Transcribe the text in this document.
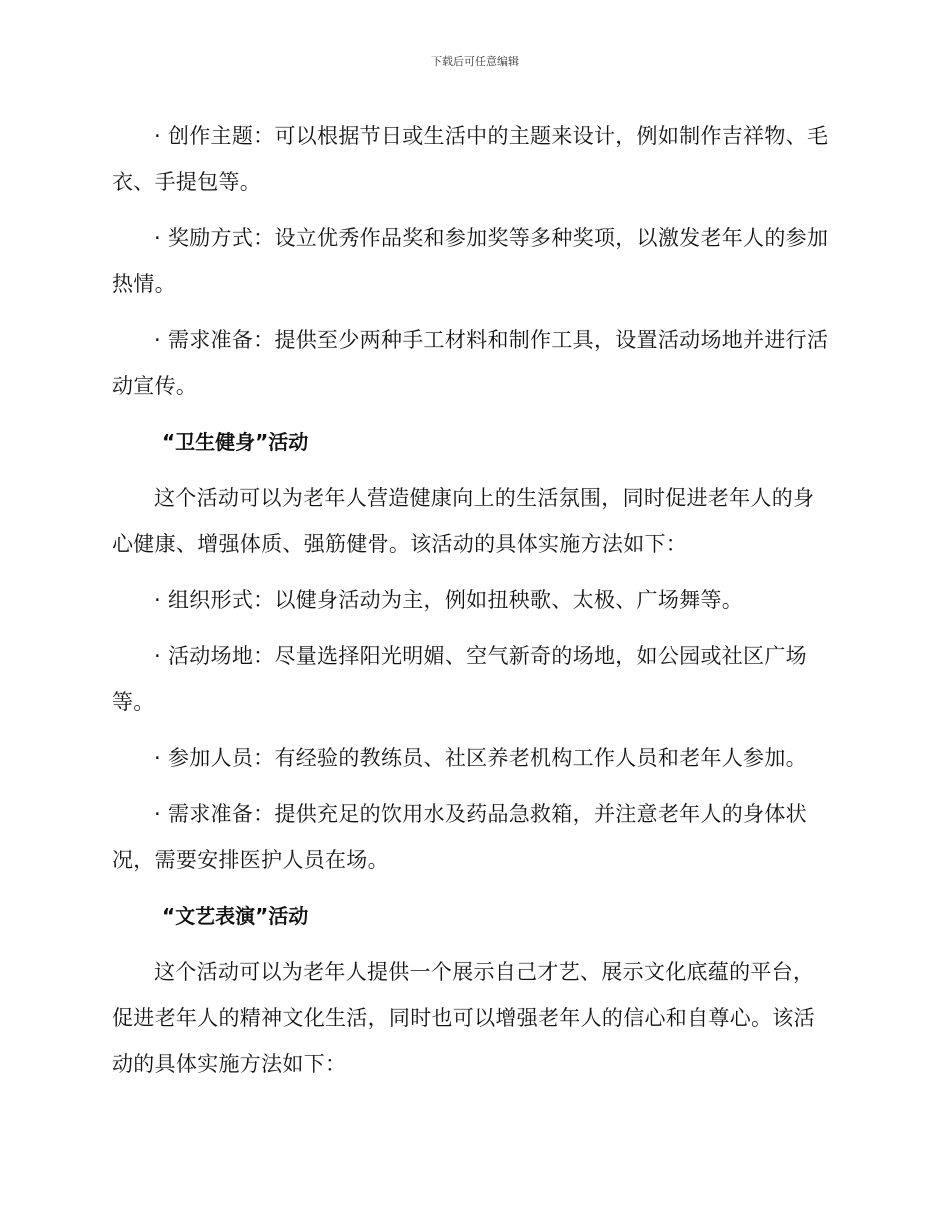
下载后可任意编辑

· 创作主题：可以根据节日或生活中的主题来设计，例如制作吉祥物、毛衣、手提包等。

· 奖励方式：设立优秀作品奖和参加奖等多种奖项，以激发老年人的参加热情。

· 需求准备：提供至少两种手工材料和制作工具，设置活动场地并进行活动宣传。

“卫生健身”活动

这个活动可以为老年人营造健康向上的生活氛围，同时促进老年人的身心健康、增强体质、强筋健骨。该活动的具体实施方法如下：

· 组织形式：以健身活动为主，例如扭秧歌、太极、广场舞等。

· 活动场地：尽量选择阳光明媚、空气新奇的场地，如公园或社区广场等。

· 参加人员：有经验的教练员、社区养老机构工作人员和老年人参加。

· 需求准备：提供充足的饮用水及药品急救箱，并注意老年人的身体状况，需要安排医护人员在场。

“文艺表演”活动

这个活动可以为老年人提供一个展示自己才艺、展示文化底蕴的平台，促进老年人的精神文化生活，同时也可以增强老年人的信心和自尊心。该活动的具体实施方法如下：
